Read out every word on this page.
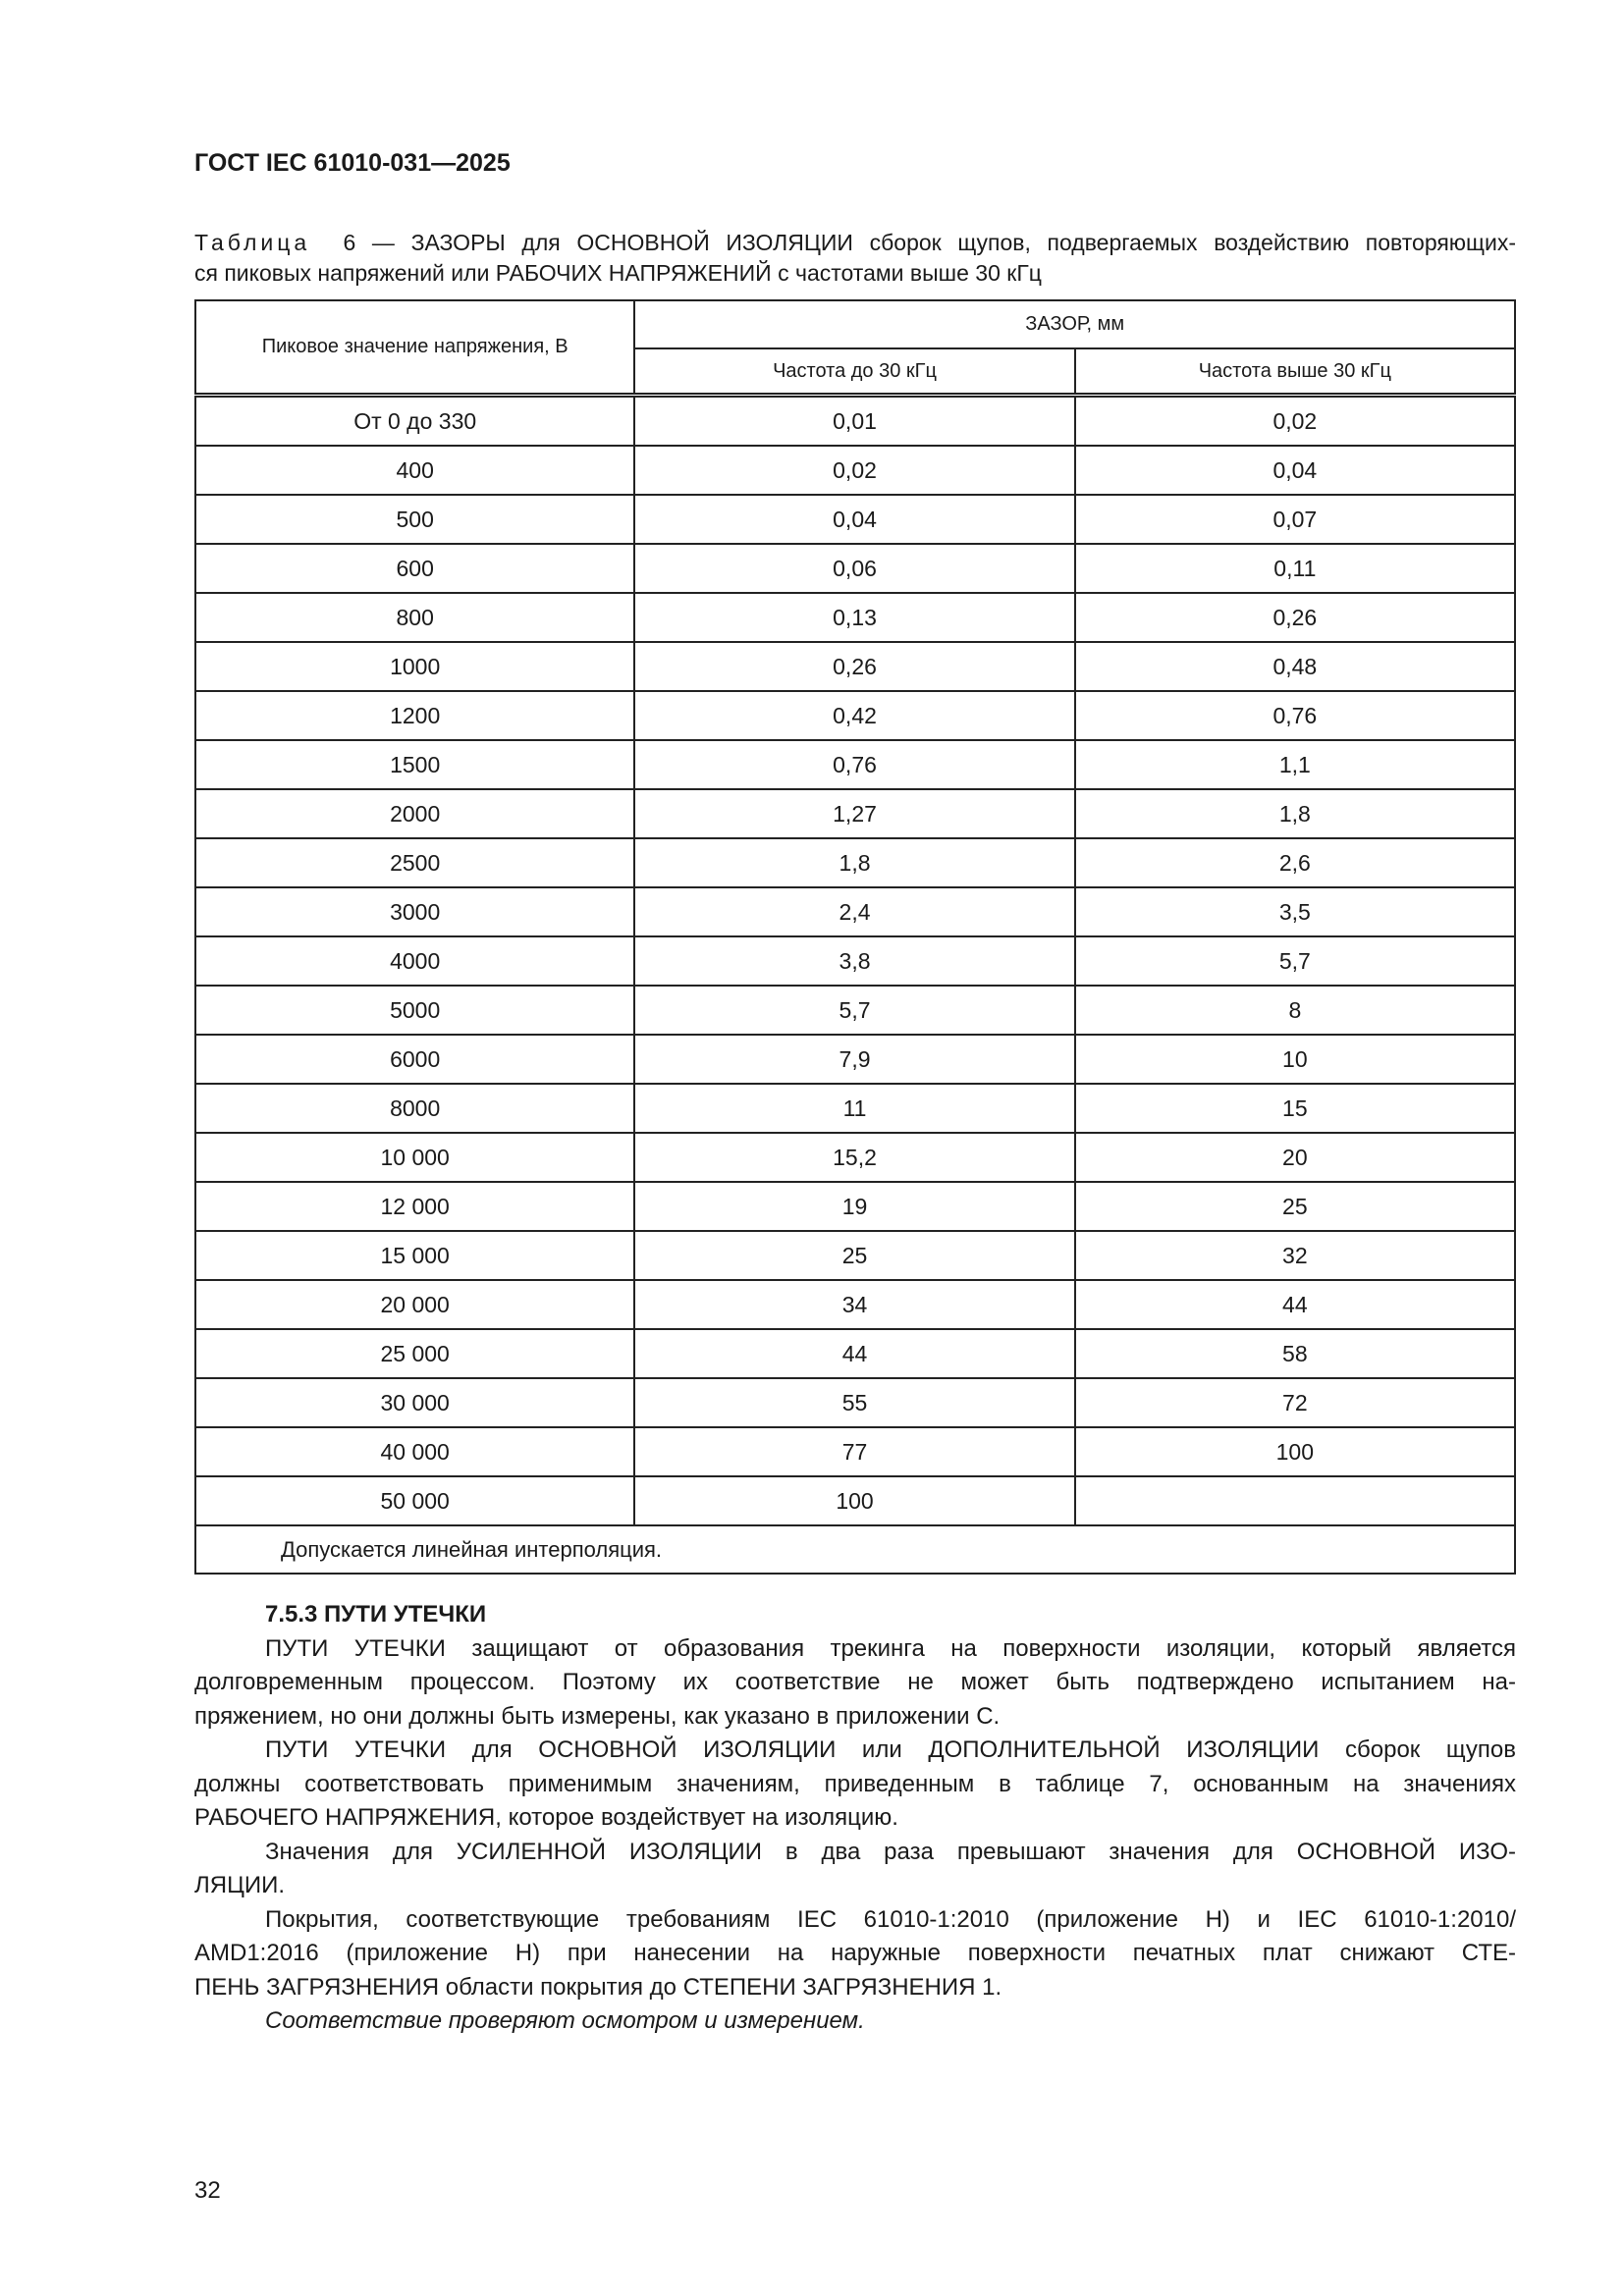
ГОСТ IEC 61010-031—2025
Таблица 6 — ЗАЗОРЫ для ОСНОВНОЙ ИЗОЛЯЦИИ сборок щупов, подвергаемых воздействию повторяющих-
ся пиковых напряжений или РАБОЧИХ НАПРЯЖЕНИЙ с частотами выше 30 кГц
Пиковое значение напряжения, В	ЗАЗОР, мм	
	Частота до 30 кГц	Частота выше 30 кГц
От 0 до 330	0,01	0,02
400	0,02	0,04
500	0,04	0,07
600	0,06	0,11
800	0,13	0,26
1000	0,26	0,48
1200	0,42	0,76
1500	0,76	1,1
2000	1,27	1,8
2500	1,8	2,6
3000	2,4	3,5
4000	3,8	5,7
5000	5,7	8
6000	7,9	10
8000	11	15
10 000	15,2	20
12 000	19	25
15 000	25	32
20 000	34	44
25 000	44	58
30 000	55	72
40 000	77	100
50 000	100	
Допускается линейная интерполяция.		
7.5.3 ПУТИ УТЕЧКИ
ПУТИ УТЕЧКИ защищают от образования трекинга на поверхности изоляции, который является
долговременным процессом. Поэтому их соответствие не может быть подтверждено испытанием на-
пряжением, но они должны быть измерены, как указано в приложении С.
ПУТИ УТЕЧКИ для ОСНОВНОЙ ИЗОЛЯЦИИ или ДОПОЛНИТЕЛЬНОЙ ИЗОЛЯЦИИ сборок щупов
должны соответствовать применимым значениям, приведенным в таблице 7, основанным на значениях
РАБОЧЕГО НАПРЯЖЕНИЯ, которое воздействует на изоляцию.
Значения для УСИЛЕННОЙ ИЗОЛЯЦИИ в два раза превышают значения для ОСНОВНОЙ ИЗО-
ЛЯЦИИ.
Покрытия, соответствующие требованиям IEC 61010-1:2010 (приложение Н) и IEC 61010-1:2010/
AMD1:2016 (приложение Н) при нанесении на наружные поверхности печатных плат снижают СТЕ-
ПЕНЬ ЗАГРЯЗНЕНИЯ области покрытия до СТЕПЕНИ ЗАГРЯЗНЕНИЯ 1.
Соответствие проверяют осмотром и измерением.
32
